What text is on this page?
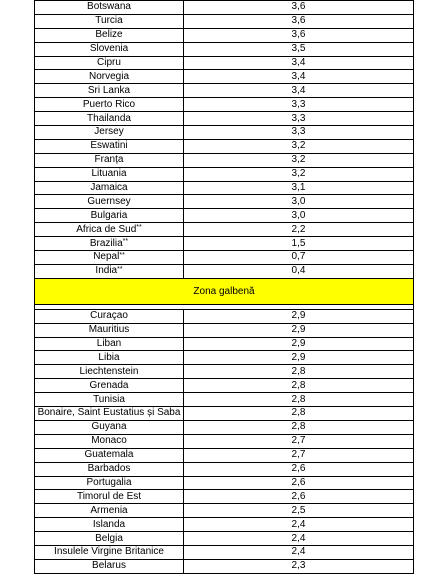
Botswana	3,6
Turcia	3,6
Belize	3,6
Slovenia	3,5
Cipru	3,4
Norvegia	3,4
Sri Lanka	3,4
Puerto Rico	3,3
Thailanda	3,3
Jersey	3,3
Eswatini	3,2
Franța	3,2
Lituania	3,2
Jamaica	3,1
Guernsey	3,0
Bulgaria	3,0
Africa de Sud **	2,2
Brazilia **	1,5
Nepal **	0,7
India **	0,4
Zona galbenă
Curaçao	2,9
Mauritius	2,9
Liban	2,9
Libia	2,9
Liechtenstein	2,8
Grenada	2,8
Tunisia	2,8
Bonaire, Saint Eustatius și Saba	2,8
Guyana	2,8
Monaco	2,7
Guatemala	2,7
Barbados	2,6
Portugalia	2,6
Timorul de Est	2,6
Armenia	2,5
Islanda	2,4
Belgia	2,4
Insulele Virgine Britanice	2,4
Belarus	2,3
